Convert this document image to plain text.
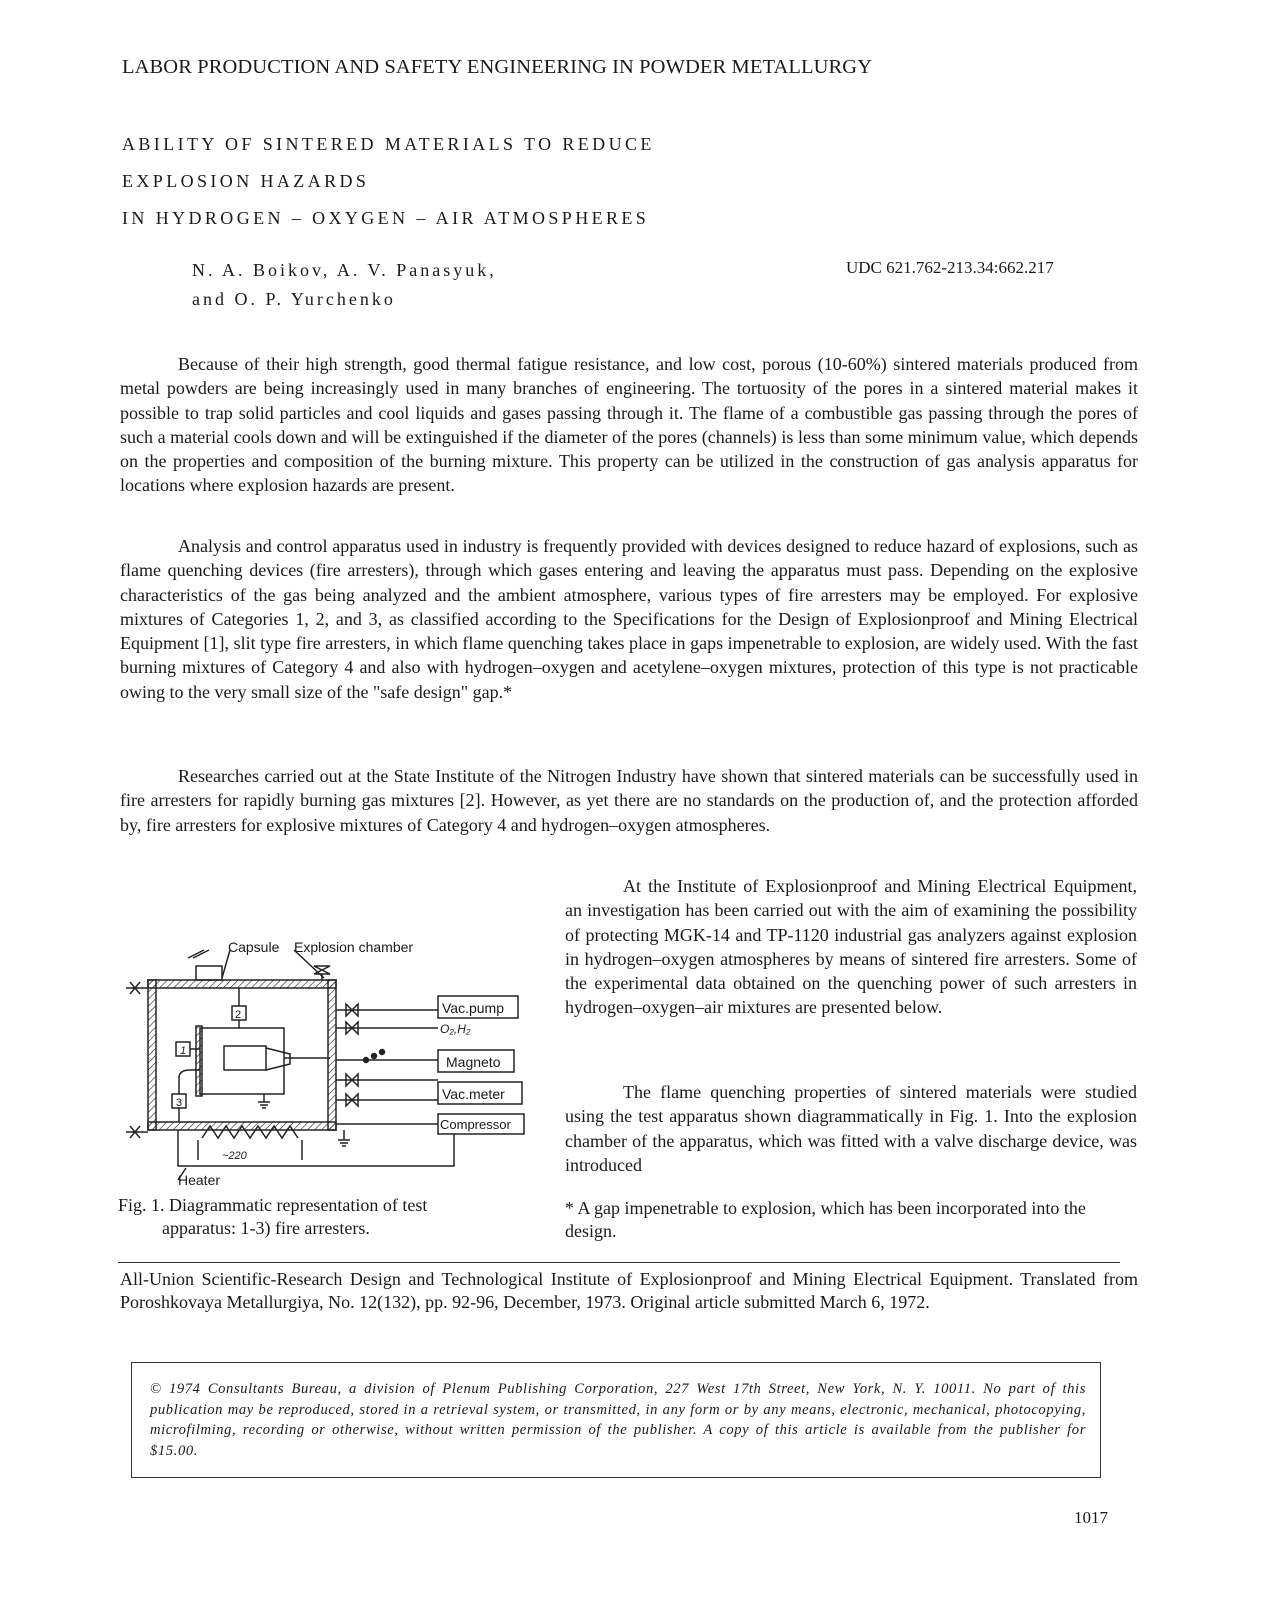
LABOR PRODUCTION AND SAFETY ENGINEERING IN POWDER METALLURGY
ABILITY OF SINTERED MATERIALS TO REDUCE
EXPLOSION HAZARDS
IN HYDROGEN – OXYGEN – AIR ATMOSPHERES
N. A. Boikov, A. V. Panasyuk,
and O. P. Yurchenko
UDC 621.762-213.34:662.217

Because of their high strength, good thermal fatigue resistance, and low cost, porous (10-60%) sintered materials produced from metal powders are being increasingly used in many branches of engineering. The tortuosity of the pores in a sintered material makes it possible to trap solid particles and cool liquids and gases passing through it. The flame of a combustible gas passing through the pores of such a material cools down and will be extinguished if the diameter of the pores (channels) is less than some minimum value, which depends on the properties and composition of the burning mixture. This property can be utilized in the construction of gas analysis apparatus for locations where explosion hazards are present.

Analysis and control apparatus used in industry is frequently provided with devices designed to reduce hazard of explosions, such as flame quenching devices (fire arresters), through which gases entering and leaving the apparatus must pass. Depending on the explosive characteristics of the gas being analyzed and the ambient atmosphere, various types of fire arresters may be employed. For explosive mixtures of Categories 1, 2, and 3, as classified according to the Specifications for the Design of Explosionproof and Mining Electrical Equipment [1], slit type fire arresters, in which flame quenching takes place in gaps impenetrable to explosion, are widely used. With the fast burning mixtures of Category 4 and also with hydrogen–oxygen and acetylene–oxygen mixtures, protection of this type is not practicable owing to the very small size of the "safe design" gap.*

Researches carried out at the State Institute of the Nitrogen Industry have shown that sintered materials can be successfully used in fire arresters for rapidly burning gas mixtures [2]. However, as yet there are no standards on the production of, and the protection afforded by, fire arresters for explosive mixtures of Category 4 and hydrogen–oxygen atmospheres.

At the Institute of Explosionproof and Mining Electrical Equipment, an investigation has been carried out with the aim of examining the possibility of protecting MGK-14 and TP-1120 industrial gas analyzers against explosion in hydrogen–oxygen atmospheres by means of sintered fire arresters. Some of the experimental data obtained on the quenching power of such arresters in hydrogen–oxygen–air mixtures are presented below.

The flame quenching properties of sintered materials were studied using the test apparatus shown diagrammatically in Fig. 1. Into the explosion chamber of the apparatus, which was fitted with a valve discharge device, was introduced

Capsule Explosion chamber
Vac.pump
O₂,H₂
Magneto
Vac.meter
Compressor
~220
Heater
2
1
3
Fig. 1. Diagrammatic representation of test
apparatus: 1-3) fire arresters.
* A gap impenetrable to explosion, which has been incorporated into the design.
All-Union Scientific-Research Design and Technological Institute of Explosionproof and Mining Electrical Equipment. Translated from Poroshkovaya Metallurgiya, No. 12(132), pp. 92-96, December, 1973. Original article submitted March 6, 1972.
© 1974 Consultants Bureau, a division of Plenum Publishing Corporation, 227 West 17th Street, New York, N. Y. 10011. No part of this publication may be reproduced, stored in a retrieval system, or transmitted, in any form or by any means, electronic, mechanical, photocopying, microfilming, recording or otherwise, without written permission of the publisher. A copy of this article is available from the publisher for $15.00.
1017
